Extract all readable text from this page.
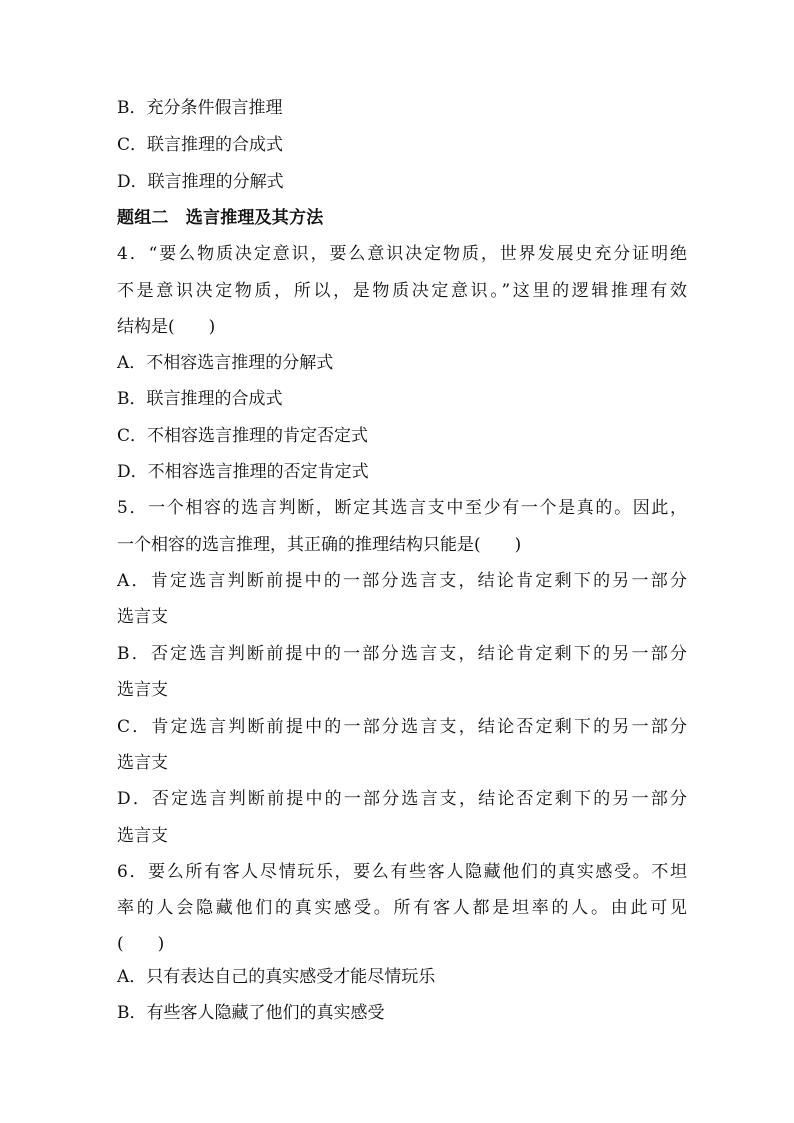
B．充分条件假言推理
C．联言推理的合成式
D．联言推理的分解式
题组二　选言推理及其方法
4．“要么物质决定意识，要么意识决定物质，世界发展史充分证明绝
不是意识决定物质，所以，是物质决定意识。”这里的逻辑推理有效
结构是(　　)
A．不相容选言推理的分解式
B．联言推理的合成式
C．不相容选言推理的肯定否定式
D．不相容选言推理的否定肯定式
5．一个相容的选言判断，断定其选言支中至少有一个是真的。因此，
一个相容的选言推理，其正确的推理结构只能是(　　)
A．肯定选言判断前提中的一部分选言支，结论肯定剩下的另一部分
选言支
B．否定选言判断前提中的一部分选言支，结论肯定剩下的另一部分
选言支
C．肯定选言判断前提中的一部分选言支，结论否定剩下的另一部分
选言支
D．否定选言判断前提中的一部分选言支，结论否定剩下的另一部分
选言支
6．要么所有客人尽情玩乐，要么有些客人隐藏他们的真实感受。不坦
率的人会隐藏他们的真实感受。所有客人都是坦率的人。由此可见
(　　)
A．只有表达自己的真实感受才能尽情玩乐
B．有些客人隐藏了他们的真实感受
